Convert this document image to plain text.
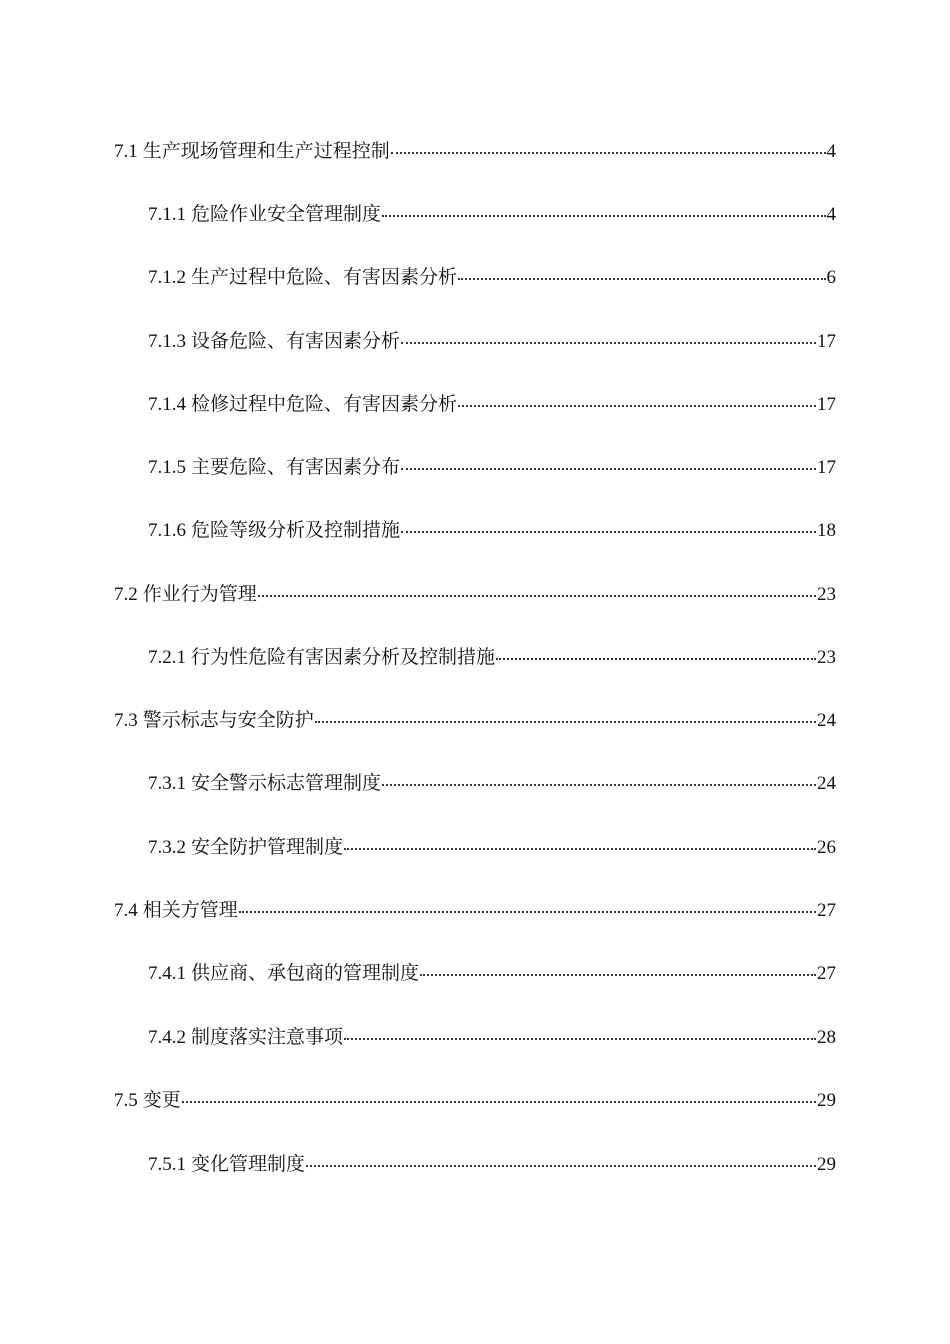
7.1 生产现场管理和生产过程控制	4
7.1.1 危险作业安全管理制度	4
7.1.2 生产过程中危险、有害因素分析	6
7.1.3 设备危险、有害因素分析	17
7.1.4 检修过程中危险、有害因素分析	17
7.1.5 主要危险、有害因素分布	17
7.1.6 危险等级分析及控制措施	18
7.2 作业行为管理	23
7.2.1 行为性危险有害因素分析及控制措施	23
7.3 警示标志与安全防护	24
7.3.1 安全警示标志管理制度	24
7.3.2 安全防护管理制度	26
7.4 相关方管理	27
7.4.1 供应商、承包商的管理制度	27
7.4.2 制度落实注意事项	28
7.5 变更	29
7.5.1 变化管理制度	29
